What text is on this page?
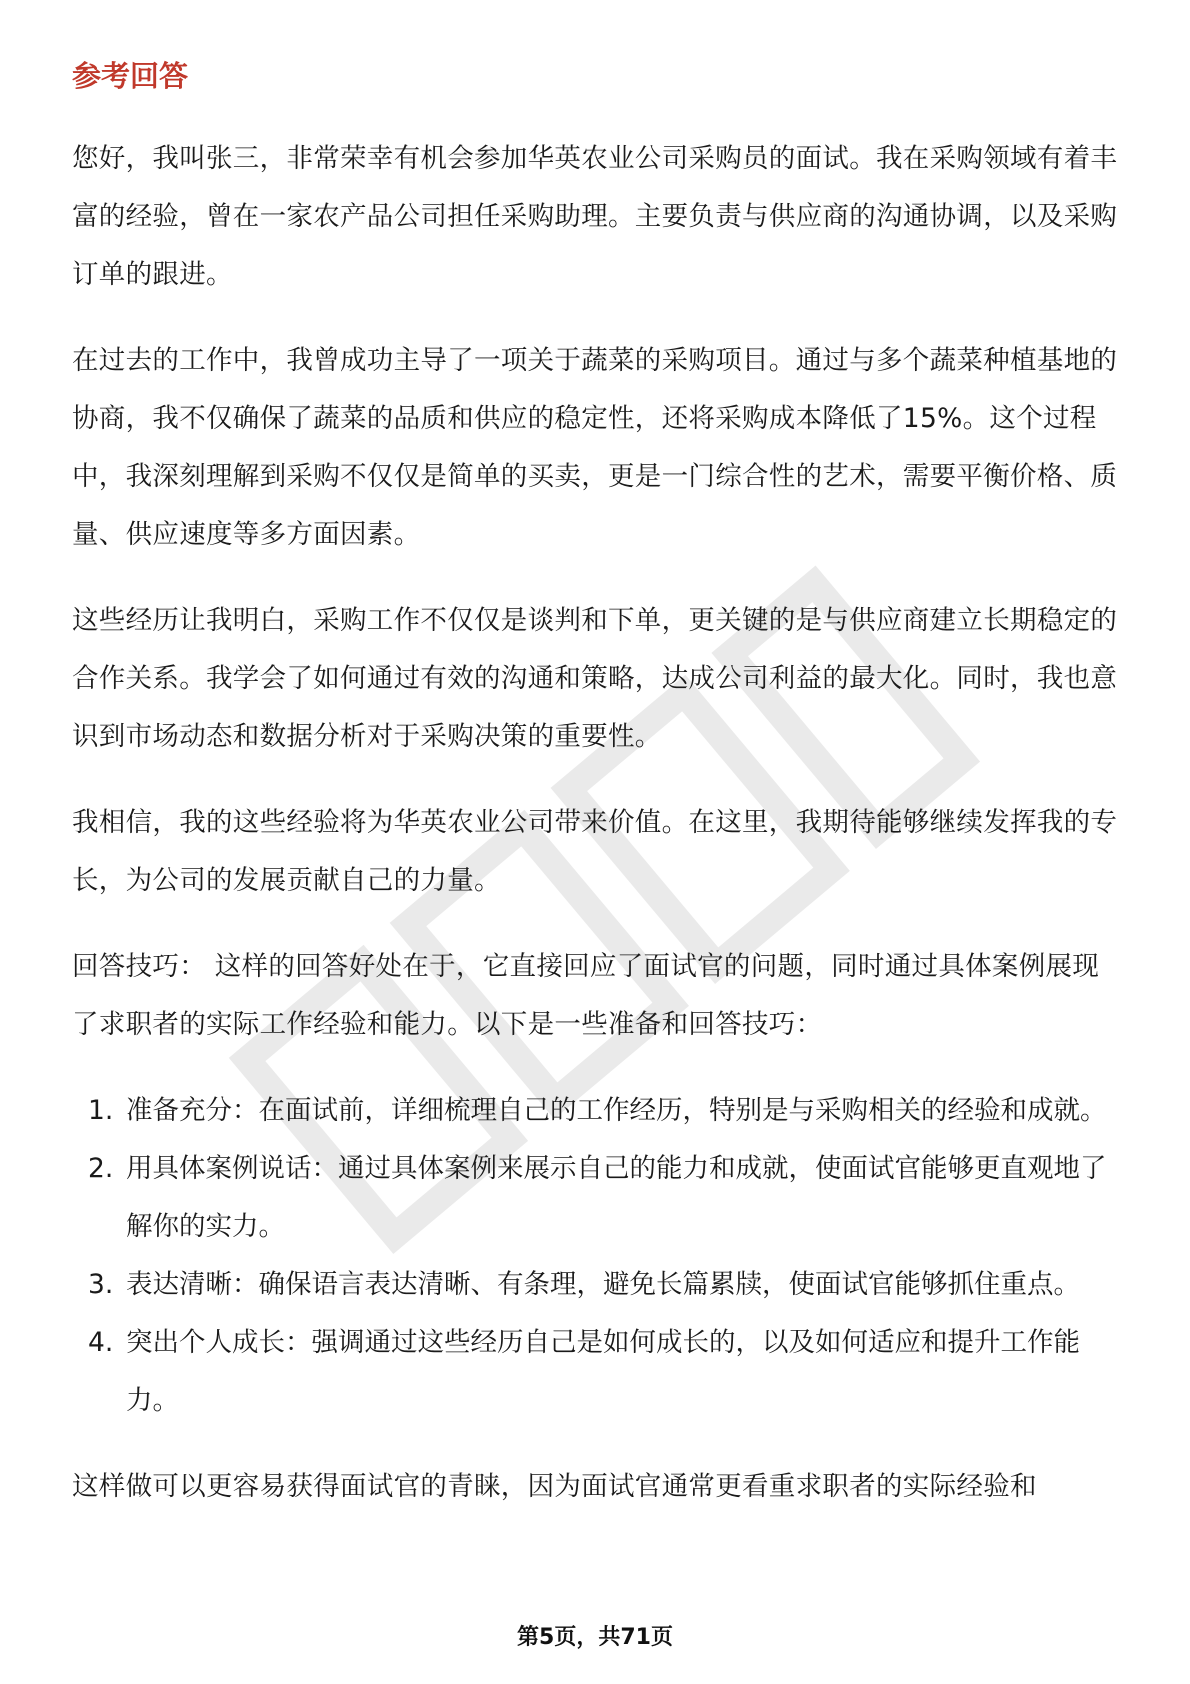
参考回答

您好，我叫张三，非常荣幸有机会参加华英农业公司采购员的面试。我在采购领域有着丰富的经验，曾在一家农产品公司担任采购助理。主要负责与供应商的沟通协调，以及采购订单的跟进。

在过去的工作中，我曾成功主导了一项关于蔬菜的采购项目。通过与多个蔬菜种植基地的协商，我不仅确保了蔬菜的品质和供应的稳定性，还将采购成本降低了15%。这个过程中，我深刻理解到采购不仅仅是简单的买卖，更是一门综合性的艺术，需要平衡价格、质量、供应速度等多方面因素。

这些经历让我明白，采购工作不仅仅是谈判和下单，更关键的是与供应商建立长期稳定的合作关系。我学会了如何通过有效的沟通和策略，达成公司利益的最大化。同时，我也意识到市场动态和数据分析对于采购决策的重要性。

我相信，我的这些经验将为华英农业公司带来价值。在这里，我期待能够继续发挥我的专长，为公司的发展贡献自己的力量。

回答技巧： 这样的回答好处在于，它直接回应了面试官的问题，同时通过具体案例展现了求职者的实际工作经验和能力。以下是一些准备和回答技巧：

1. 准备充分：在面试前，详细梳理自己的工作经历，特别是与采购相关的经验和成就。
2. 用具体案例说话：通过具体案例来展示自己的能力和成就，使面试官能够更直观地了解你的实力。
3. 表达清晰：确保语言表达清晰、有条理，避免长篇累牍，使面试官能够抓住重点。
4. 突出个人成长：强调通过这些经历自己是如何成长的，以及如何适应和提升工作能力。

这样做可以更容易获得面试官的青睐，因为面试官通常更看重求职者的实际经验和

第5页，共71页
